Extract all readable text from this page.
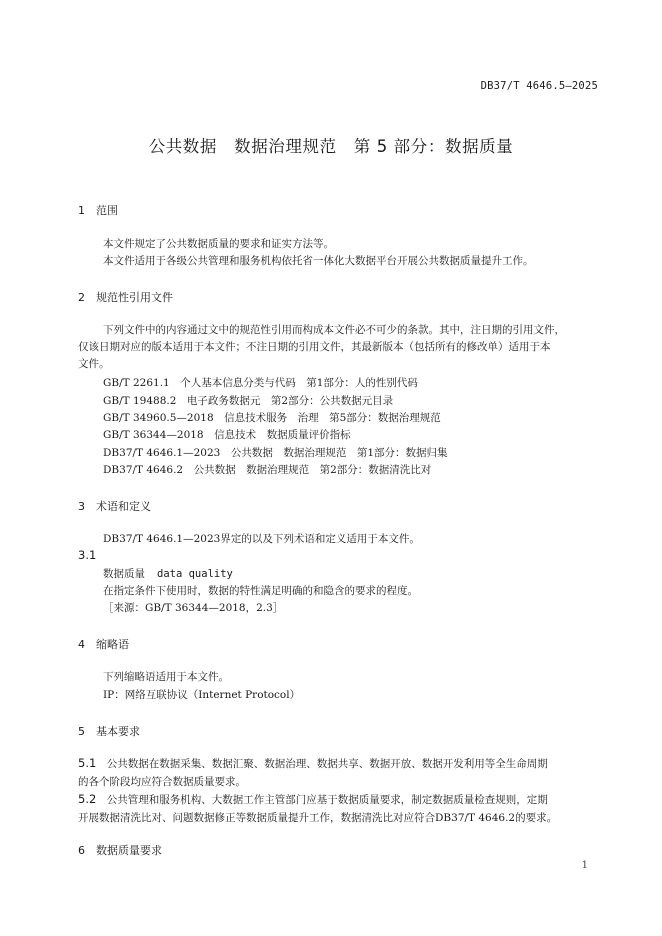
DB37/T 4646.5—2025
公共数据　数据治理规范　第 5 部分：数据质量
1 范围
本文件规定了公共数据质量的要求和证实方法等。
本文件适用于各级公共管理和服务机构依托省一体化大数据平台开展公共数据质量提升工作。
2 规范性引用文件
下列文件中的内容通过文中的规范性引用而构成本文件必不可少的条款。其中，注日期的引用文件，
仅该日期对应的版本适用于本文件；不注日期的引用文件，其最新版本（包括所有的修改单）适用于本
文件。
GB/T 2261.1　个人基本信息分类与代码　第1部分：人的性别代码
GB/T 19488.2　电子政务数据元　第2部分：公共数据元目录
GB/T 34960.5—2018　信息技术服务　治理　第5部分：数据治理规范
GB/T 36344—2018　信息技术　数据质量评价指标
DB37/T 4646.1—2023　公共数据　数据治理规范　第1部分：数据归集
DB37/T 4646.2　公共数据　数据治理规范　第2部分：数据清洗比对
3 术语和定义
DB37/T 4646.1—2023界定的以及下列术语和定义适用于本文件。
3.1
数据质量 data quality
在指定条件下使用时，数据的特性满足明确的和隐含的要求的程度。
［来源：GB/T 36344—2018，2.3］
4 缩略语
下列缩略语适用于本文件。
IP：网络互联协议（Internet Protocol）
5 基本要求
5.1　公共数据在数据采集、数据汇聚、数据治理、数据共享、数据开放、数据开发利用等全生命周期
的各个阶段均应符合数据质量要求。
5.2　公共管理和服务机构、大数据工作主管部门应基于数据质量要求，制定数据质量检查规则，定期
开展数据清洗比对、问题数据修正等数据质量提升工作，数据清洗比对应符合DB37/T 4646.2的要求。
6 数据质量要求
1
